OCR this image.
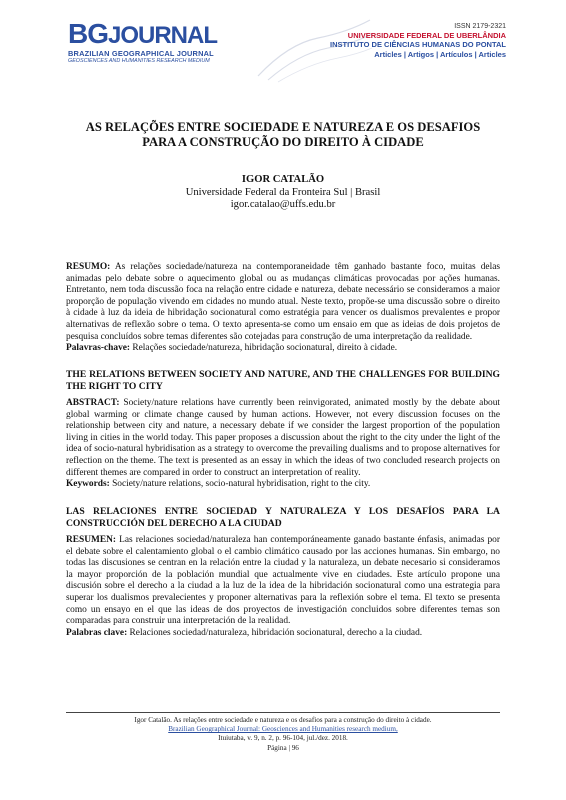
BGJOURNAL
BRAZILIAN GEOGRAPHICAL JOURNAL
GEOSCIENCES AND HUMANITIES RESEARCH MEDIUM
ISSN 2179-2321
UNIVERSIDADE FEDERAL DE UBERLÂNDIA
INSTITUTO DE CIÊNCIAS HUMANAS DO PONTAL
Articles | Artigos | Artículos | Articles
AS RELAÇÕES ENTRE SOCIEDADE E NATUREZA E OS DESAFIOS
PARA A CONSTRUÇÃO DO DIREITO À CIDADE
IGOR CATALÃO
Universidade Federal da Fronteira Sul | Brasil
igor.catalao@uffs.edu.br
RESUMO: As relações sociedade/natureza na contemporaneidade têm ganhado bastante foco, muitas delas animadas pelo debate sobre o aquecimento global ou as mudanças climáticas provocadas por ações humanas. Entretanto, nem toda discussão foca na relação entre cidade e natureza, debate necessário se consideramos a maior proporção de população vivendo em cidades no mundo atual. Neste texto, propõe-se uma discussão sobre o direito à cidade à luz da ideia de hibridação socionatural como estratégia para vencer os dualismos prevalentes e propor alternativas de reflexão sobre o tema. O texto apresenta-se como um ensaio em que as ideias de dois projetos de pesquisa concluídos sobre temas diferentes são cotejadas para construção de uma interpretação da realidade.
Palavras-chave: Relações sociedade/natureza, hibridação socionatural, direito à cidade.
THE RELATIONS BETWEEN SOCIETY AND NATURE, AND THE CHALLENGES FOR BUILDING THE RIGHT TO CITY
ABSTRACT: Society/nature relations have currently been reinvigorated, animated mostly by the debate about global warming or climate change caused by human actions. However, not every discussion focuses on the relationship between city and nature, a necessary debate if we consider the largest proportion of the population living in cities in the world today. This paper proposes a discussion about the right to the city under the light of the idea of socio-natural hybridisation as a strategy to overcome the prevailing dualisms and to propose alternatives for reflection on the theme. The text is presented as an essay in which the ideas of two concluded research projects on different themes are compared in order to construct an interpretation of reality.
Keywords: Society/nature relations, socio-natural hybridisation, right to the city.
LAS RELACIONES ENTRE SOCIEDAD Y NATURALEZA Y LOS DESAFÍOS PARA LA CONSTRUCCIÓN DEL DERECHO A LA CIUDAD
RESUMEN: Las relaciones sociedad/naturaleza han contemporáneamente ganado bastante énfasis, animadas por el debate sobre el calentamiento global o el cambio climático causado por las acciones humanas. Sin embargo, no todas las discusiones se centran en la relación entre la ciudad y la naturaleza, un debate necesario si consideramos la mayor proporción de la población mundial que actualmente vive en ciudades. Este artículo propone una discusión sobre el derecho a la ciudad a la luz de la idea de la hibridación socionatural como una estrategia para superar los dualismos prevalecientes y proponer alternativas para la reflexión sobre el tema. El texto se presenta como un ensayo en el que las ideas de dos proyectos de investigación concluidos sobre diferentes temas son comparadas para construir una interpretación de la realidad.
Palabras clave: Relaciones sociedad/naturaleza, hibridación socionatural, derecho a la ciudad.
Igor Catalão. As relações entre sociedade e natureza e os desafios para a construção do direito à cidade.
Brazilian Geographical Journal: Geosciences and Humanities research medium,
Ituiutaba, v. 9, n. 2, p. 96-104, jul./dez. 2018.
Página | 96
